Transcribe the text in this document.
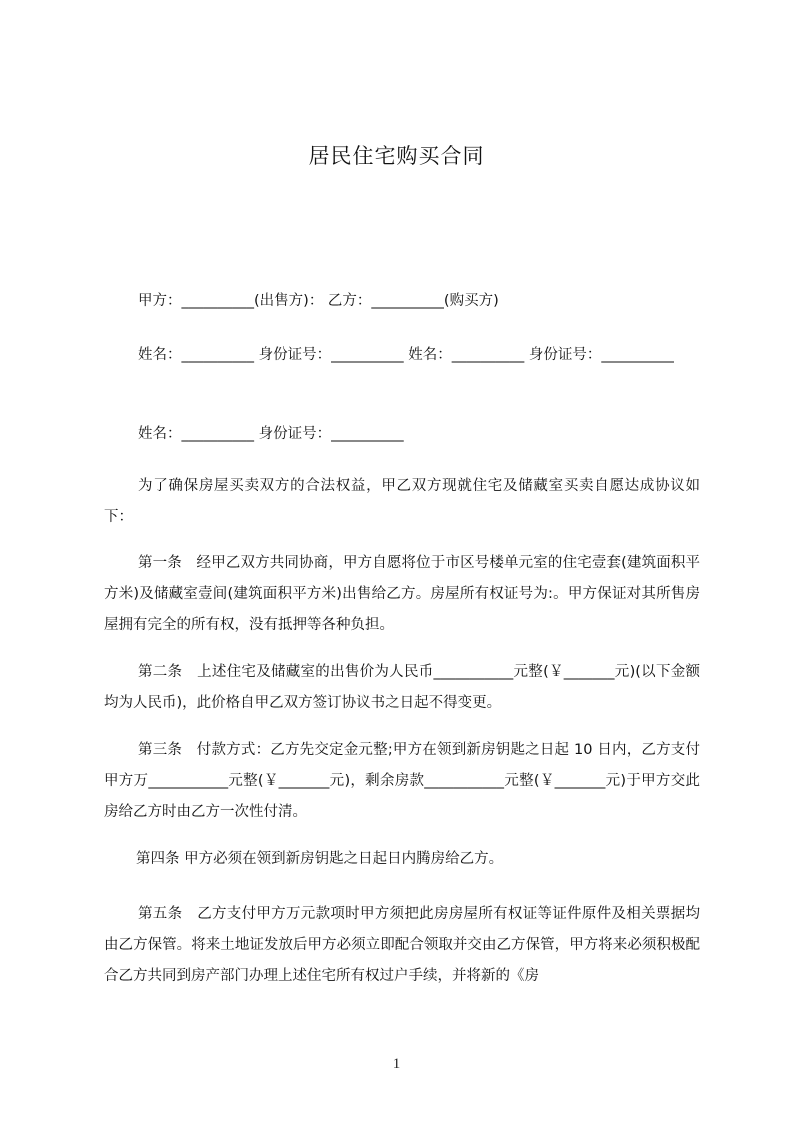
居民住宅购买合同

甲方：__________(出售方)： 乙方：__________(购买方)

姓名：__________ 身份证号：__________ 姓名：__________ 身份证号：__________

姓名：__________ 身份证号：__________

为了确保房屋买卖双方的合法权益，甲乙双方现就住宅及储藏室买卖自愿达成协议如下：

第一条　经甲乙双方共同协商，甲方自愿将位于市区号楼单元室的住宅壹套(建筑面积平方米)及储藏室壹间(建筑面积平方米)出售给乙方。房屋所有权证号为:。甲方保证对其所售房屋拥有完全的所有权，没有抵押等各种负担。

第二条　上述住宅及储藏室的出售价为人民币___________元整(￥_______元)(以下金额均为人民币)，此价格自甲乙双方签订协议书之日起不得变更。

第三条　付款方式：乙方先交定金元整;甲方在领到新房钥匙之日起 10 日内，乙方支付甲方万___________元整(￥_______元)，剩余房款___________元整(￥_______元)于甲方交此房给乙方时由乙方一次性付清。

第四条 甲方必须在领到新房钥匙之日起日内腾房给乙方。

第五条　乙方支付甲方万元款项时甲方须把此房房屋所有权证等证件原件及相关票据均由乙方保管。将来土地证发放后甲方必须立即配合领取并交由乙方保管，甲方将来必须积极配合乙方共同到房产部门办理上述住宅所有权过户手续，并将新的《房

1
